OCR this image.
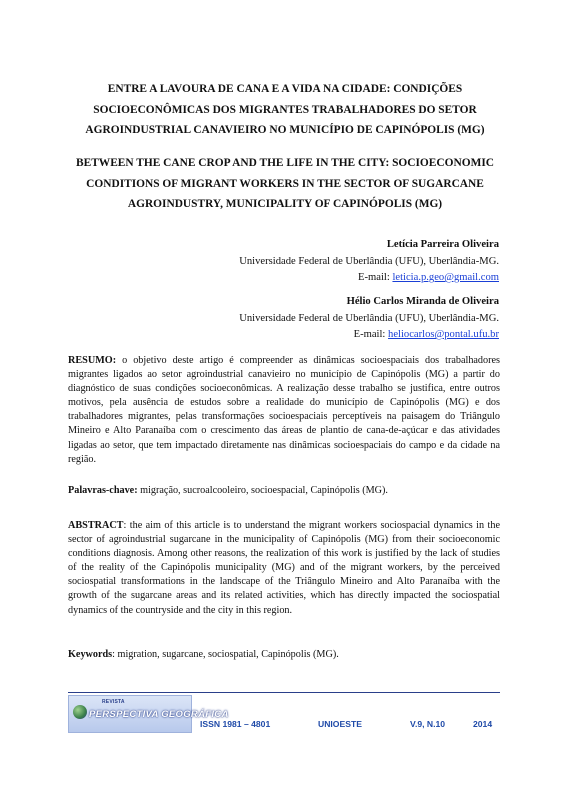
ENTRE A LAVOURA DE CANA E A VIDA NA CIDADE: CONDIÇÕES
SOCIOECONÔMICAS DOS MIGRANTES TRABALHADORES DO SETOR
AGROINDUSTRIAL CANAVIEIRO NO MUNICÍPIO DE CAPINÓPOLIS (MG)
BETWEEN THE CANE CROP AND THE LIFE IN THE CITY: SOCIOECONOMIC
CONDITIONS OF MIGRANT WORKERS IN THE SECTOR OF SUGARCANE
AGROINDUSTRY, MUNICIPALITY OF CAPINÓPOLIS (MG)
Letícia Parreira Oliveira
Universidade Federal de Uberlândia (UFU), Uberlândia-MG.
E-mail: leticia.p.geo@gmail.com
Hélio Carlos Miranda de Oliveira
Universidade Federal de Uberlândia (UFU), Uberlândia-MG.
E-mail: heliocarlos@pontal.ufu.br
RESUMO: o objetivo deste artigo é compreender as dinâmicas socioespaciais dos trabalhadores migrantes ligados ao setor agroindustrial canavieiro no município de Capinópolis (MG) a partir do diagnóstico de suas condições socioeconômicas. A realização desse trabalho se justifica, entre outros motivos, pela ausência de estudos sobre a realidade do município de Capinópolis (MG) e dos trabalhadores migrantes, pelas transformações socioespaciais perceptíveis na paisagem do Triângulo Mineiro e Alto Paranaíba com o crescimento das áreas de plantio de cana-de-açúcar e das atividades ligadas ao setor, que tem impactado diretamente nas dinâmicas socioespaciais do campo e da cidade na região.
Palavras-chave: migração, sucroalcooleiro, socioespacial, Capinópolis (MG).
ABSTRACT: the aim of this article is to understand the migrant workers sociospacial dynamics in the sector of agroindustrial sugarcane in the municipality of Capinópolis (MG) from their socioeconomic conditions diagnosis. Among other reasons, the realization of this work is justified by the lack of studies of the reality of the Capinópolis municipality (MG) and of the migrant workers, by the perceived sociospatial transformations in the landscape of the Triângulo Mineiro and Alto Paranaíba with the growth of the sugarcane areas and its related activities, which has directly impacted the sociospatial dynamics of the countryside and the city in this region.
Keywords: migration, sugarcane, sociospatial, Capinópolis (MG).
REVISTA
PERSPECTIVA GEOGRÁFICA
ISSN 1981 – 4801	UNIOESTE	V.9, N.10	2014
